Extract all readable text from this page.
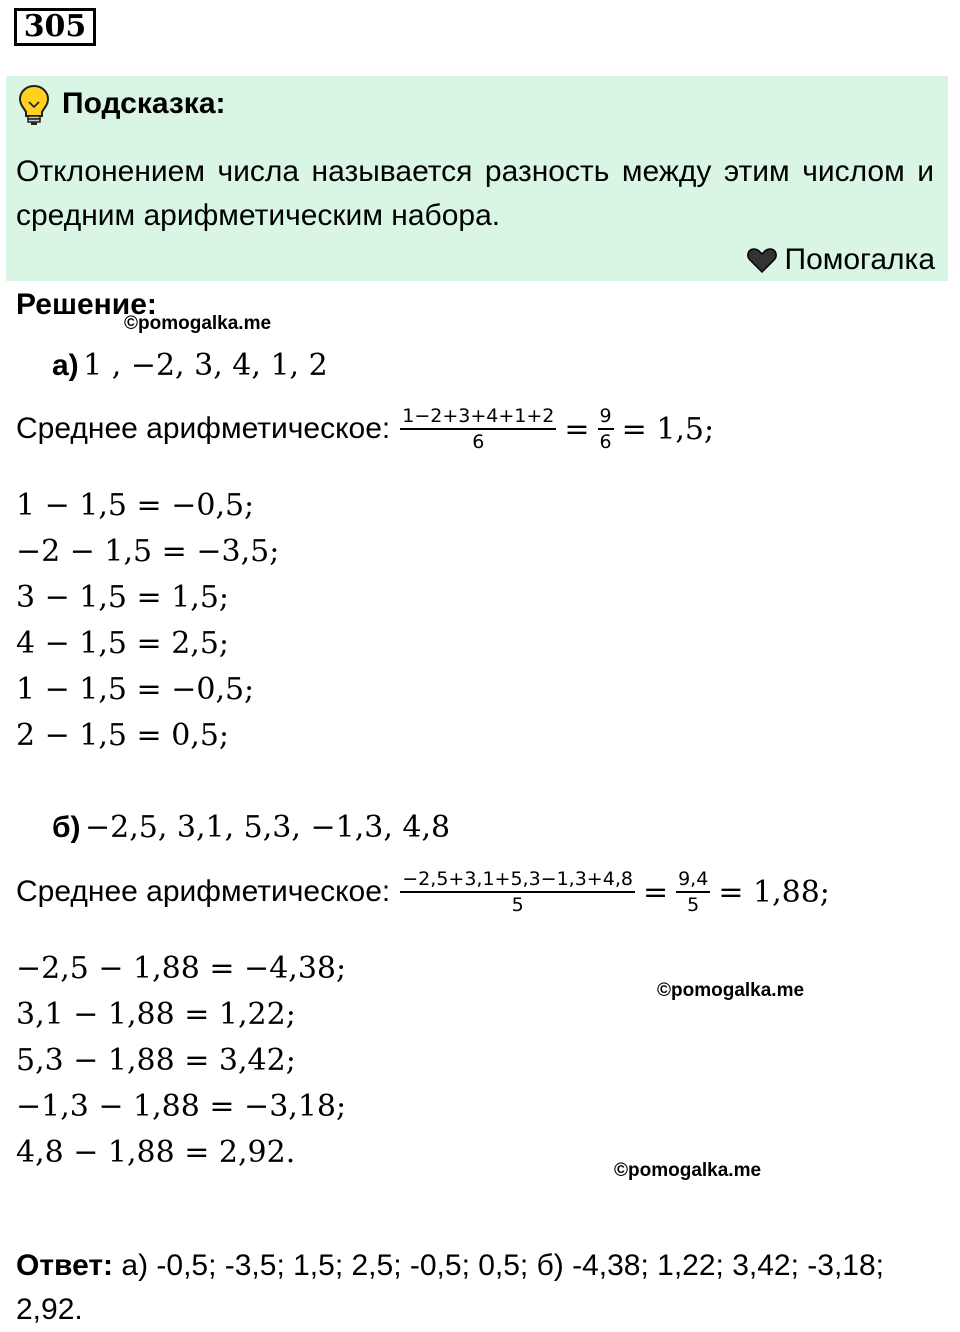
305
Подсказка:
Отклонением числа называется разность между этим числом и средним арифметическим набора.
Помогалка
Решение:
©pomogalka.me
а) 1 , −2, 3, 4, 1, 2
Среднее арифметическое: $\frac{1-2+3+4+1+2}{6} = \frac{9}{6} = 1,5$;
1 − 1,5 = −0,5;
−2 − 1,5 = −3,5;
3 − 1,5 = 1,5;
4 − 1,5 = 2,5;
1 − 1,5 = −0,5;
2 − 1,5 = 0,5;
б) −2,5, 3,1, 5,3, −1,3, 4,8
Среднее арифметическое: $\frac{-2,5+3,1+5,3-1,3+4,8}{5} = \frac{9,4}{5} = 1,88$;
−2,5 − 1,88 = −4,38;
3,1 − 1,88 = 1,22;
5,3 − 1,88 = 3,42;
−1,3 − 1,88 = −3,18;
4,8 − 1,88 = 2,92.
©pomogalka.me
©pomogalka.me
Ответ: а) -0,5; -3,5; 1,5; 2,5; -0,5; 0,5; б) -4,38; 1,22; 3,42; -3,18; 2,92.
